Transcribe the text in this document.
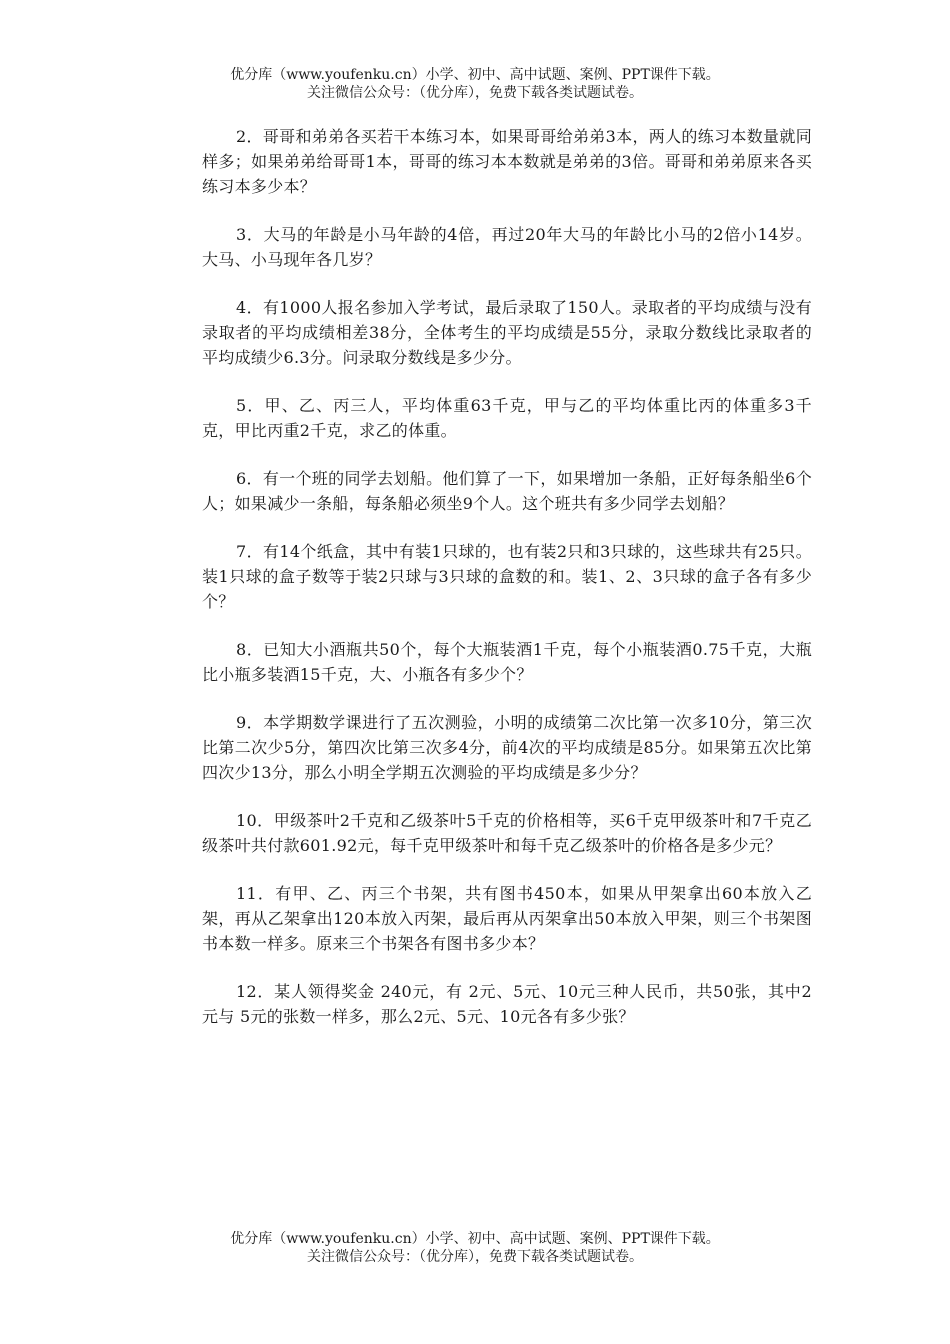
优分库（www.youfenku.cn）小学、初中、高中试题、案例、PPT课件下载。
关注微信公众号：（优分库），免费下载各类试题试卷。

2．哥哥和弟弟各买若干本练习本，如果哥哥给弟弟3本，两人的练习本数量就同样多；如果弟弟给哥哥1本，哥哥的练习本本数就是弟弟的3倍。哥哥和弟弟原来各买练习本多少本？

3．大马的年龄是小马年龄的4倍，再过20年大马的年龄比小马的2倍小14岁。大马、小马现年各几岁？

4．有1000人报名参加入学考试，最后录取了150人。录取者的平均成绩与没有录取者的平均成绩相差38分，全体考生的平均成绩是55分，录取分数线比录取者的平均成绩少6.3分。问录取分数线是多少分。

5．甲、乙、丙三人，平均体重63千克，甲与乙的平均体重比丙的体重多3千克，甲比丙重2千克，求乙的体重。

6．有一个班的同学去划船。他们算了一下，如果增加一条船，正好每条船坐6个人；如果减少一条船，每条船必须坐9个人。这个班共有多少同学去划船？

7．有14个纸盒，其中有装1只球的，也有装2只和3只球的，这些球共有25只。装1只球的盒子数等于装2只球与3只球的盒数的和。装1、2、3只球的盒子各有多少个？

8．已知大小酒瓶共50个，每个大瓶装酒1千克，每个小瓶装酒0.75千克，大瓶比小瓶多装酒15千克，大、小瓶各有多少个？

9．本学期数学课进行了五次测验，小明的成绩第二次比第一次多10分，第三次比第二次少5分，第四次比第三次多4分，前4次的平均成绩是85分。如果第五次比第四次少13分，那么小明全学期五次测验的平均成绩是多少分？

10．甲级茶叶2千克和乙级茶叶5千克的价格相等，买6千克甲级茶叶和7千克乙级茶叶共付款601.92元，每千克甲级茶叶和每千克乙级茶叶的价格各是多少元？

11．有甲、乙、丙三个书架，共有图书450本，如果从甲架拿出60本放入乙架，再从乙架拿出120本放入丙架，最后再从丙架拿出50本放入甲架，则三个书架图书本数一样多。原来三个书架各有图书多少本？

12．某人领得奖金 240元，有 2元、5元、10元三种人民币，共50张，其中2元与 5元的张数一样多，那么2元、5元、10元各有多少张？

优分库（www.youfenku.cn）小学、初中、高中试题、案例、PPT课件下载。
关注微信公众号：（优分库），免费下载各类试题试卷。
